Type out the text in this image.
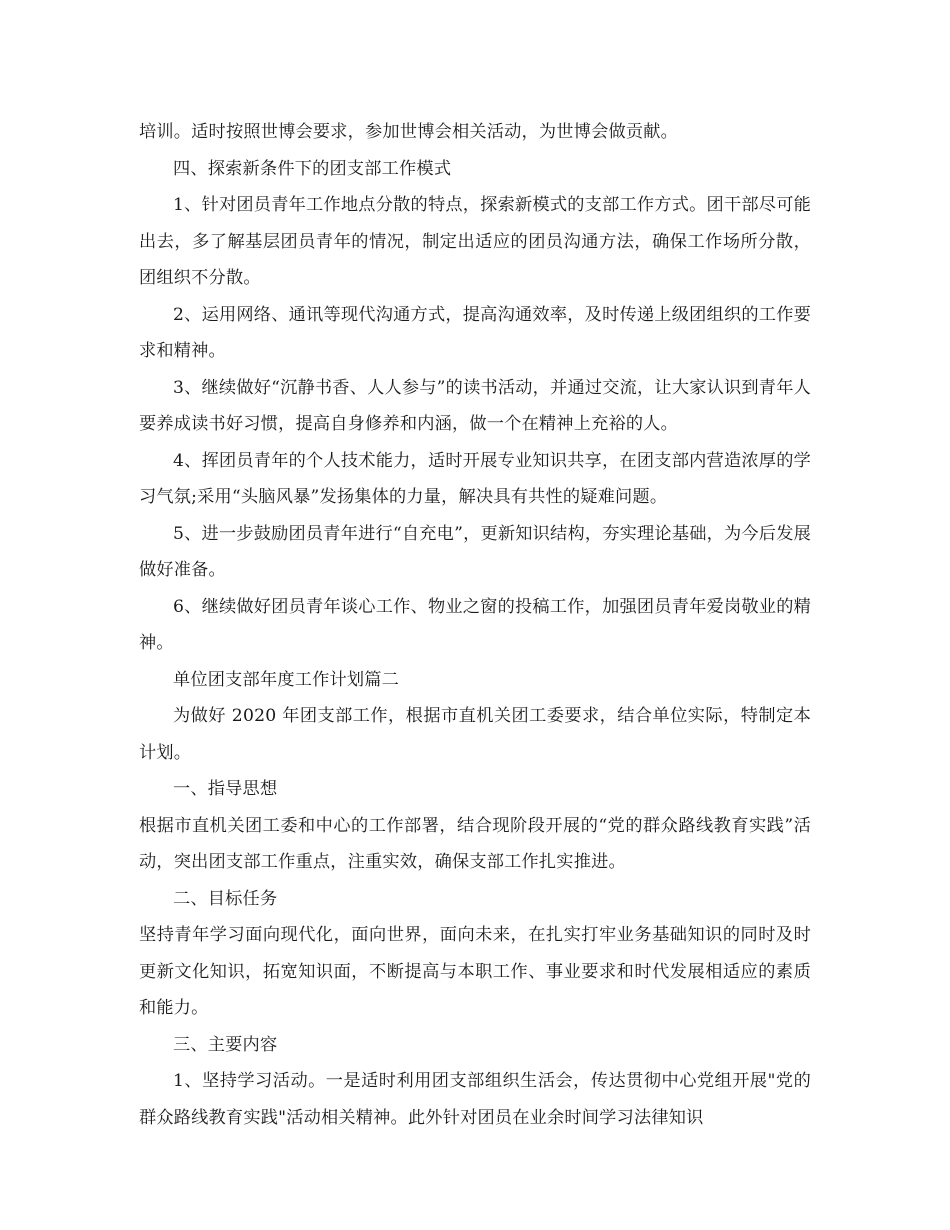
培训。适时按照世博会要求，参加世博会相关活动，为世博会做贡献。

四、探索新条件下的团支部工作模式

1、针对团员青年工作地点分散的特点，探索新模式的支部工作方式。团干部尽可能出去，多了解基层团员青年的情况，制定出适应的团员沟通方法，确保工作场所分散，团组织不分散。

2、运用网络、通讯等现代沟通方式，提高沟通效率，及时传递上级团组织的工作要求和精神。

3、继续做好“沉静书香、人人参与”的读书活动，并通过交流，让大家认识到青年人要养成读书好习惯，提高自身修养和内涵，做一个在精神上充裕的人。

4、挥团员青年的个人技术能力，适时开展专业知识共享，在团支部内营造浓厚的学习气氛;采用“头脑风暴”发扬集体的力量，解决具有共性的疑难问题。

5、进一步鼓励团员青年进行“自充电”，更新知识结构，夯实理论基础，为今后发展做好准备。

6、继续做好团员青年谈心工作、物业之窗的投稿工作，加强团员青年爱岗敬业的精神。

单位团支部年度工作计划篇二

为做好 2020 年团支部工作，根据市直机关团工委要求，结合单位实际，特制定本计划。

一、指导思想

根据市直机关团工委和中心的工作部署，结合现阶段开展的“党的群众路线教育实践”活动，突出团支部工作重点，注重实效，确保支部工作扎实推进。

二、目标任务

坚持青年学习面向现代化，面向世界，面向未来，在扎实打牢业务基础知识的同时及时更新文化知识，拓宽知识面，不断提高与本职工作、事业要求和时代发展相适应的素质和能力。

三、主要内容

1、坚持学习活动。一是适时利用团支部组织生活会，传达贯彻中心党组开展"党的群众路线教育实践"活动相关精神。此外针对团员在业余时间学习法律知识
